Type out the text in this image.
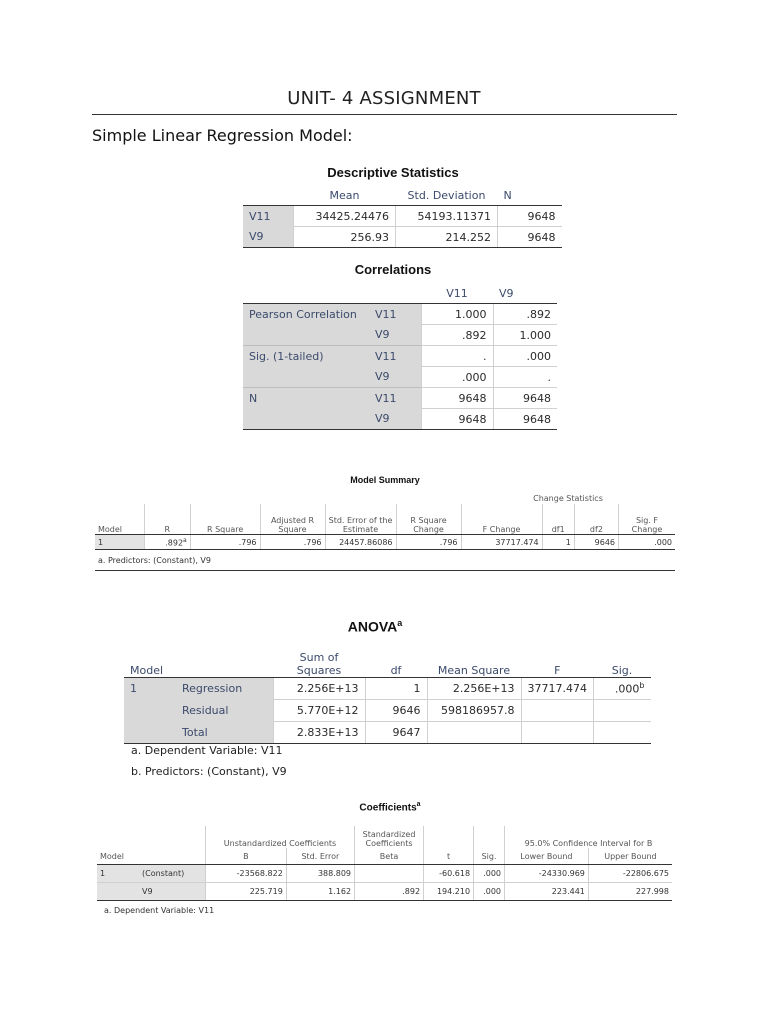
UNIT- 4 ASSIGNMENT
Simple Linear Regression Model:
Descriptive Statistics
	Mean	Std. Deviation	N
V11	34425.24476	54193.11371	9648
V9	256.93	214.252	9648
Correlations
		V11	V9
Pearson Correlation	V11	1.000	.892
	V9	.892	1.000
Sig. (1-tailed)	V11	.	.000
	V9	.000	.
N	V11	9648	9648
	V9	9648	9648
Model Summary
						Change Statistics			
Model	R	R Square	Adjusted R Square	Std. Error of the Estimate	R Square Change	F Change	df1	df2	Sig. F Change
1	.892$^a$	.796	.796	24457.86086	.796	37717.474	1	9646	.000
a. Predictors: (Constant), V9									
ANOVA$^a$
Model		Sum of Squares	df	Mean Square	F	Sig.
1	Regression	2.256E+13	1	2.256E+13	37717.474	.000$^b$
	Residual	5.770E+12	9646	598186957.8		
	Total	2.833E+13	9647			
a. Dependent Variable: V11
b. Predictors: (Constant), V9
Coefficients$^a$
		Unstandardized Coefficients		Standardized Coefficients			95.0% Confidence Interval for B	
Model		B	Std. Error	Beta	t	Sig.	Lower Bound	Upper Bound
1	(Constant)	-23568.822	388.809		-60.618	.000	-24330.969	-22806.675
	V9	225.719	1.162	.892	194.210	.000	223.441	227.998
a. Dependent Variable: V11
